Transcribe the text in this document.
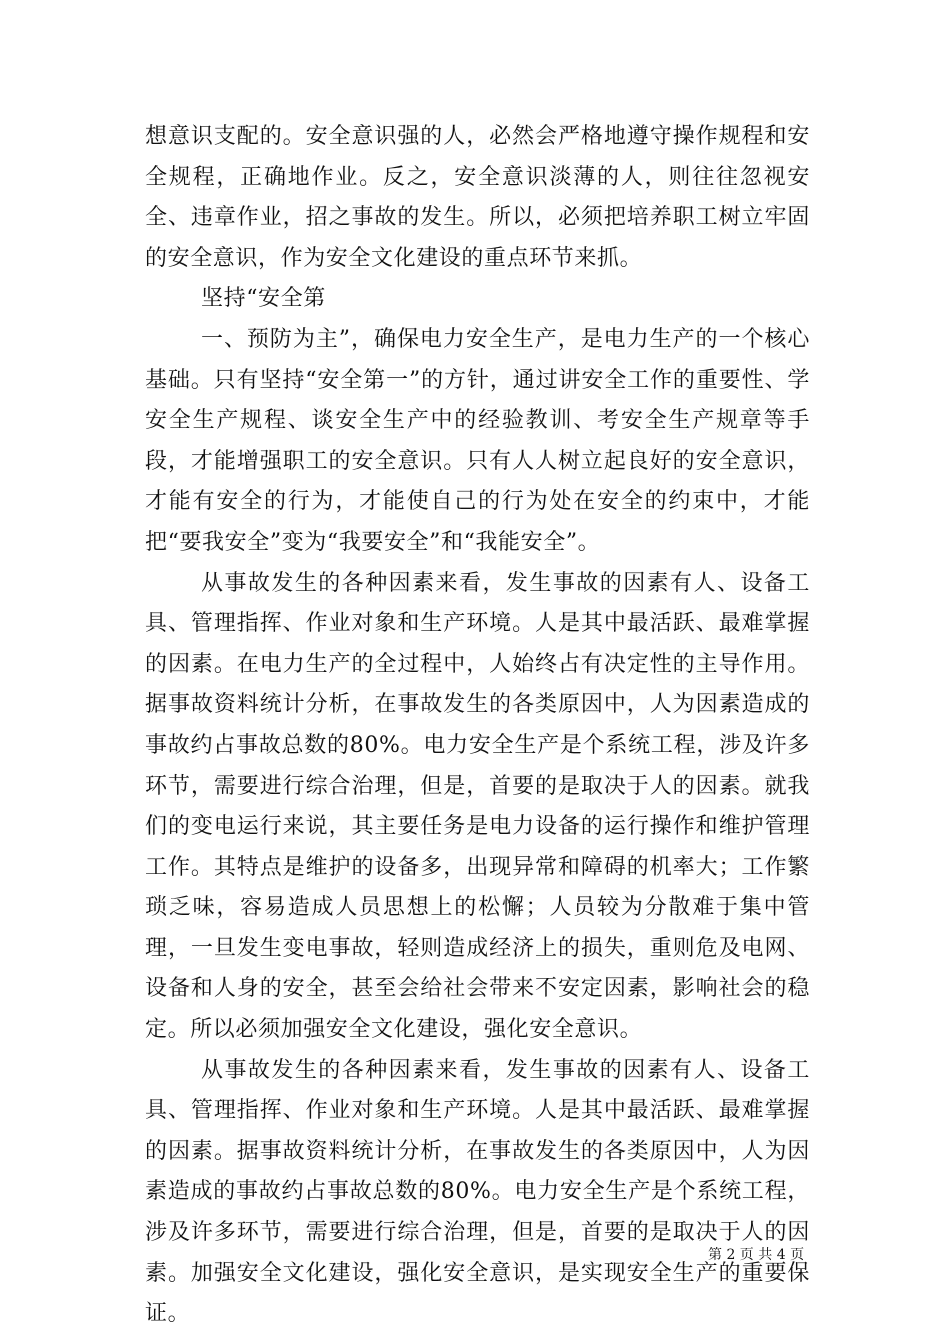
想意识支配的。安全意识强的人，必然会严格地遵守操作规程和安全规程，正确地作业。反之，安全意识淡薄的人，则往往忽视安全、违章作业，招之事故的发生。所以，必须把培养职工树立牢固的安全意识，作为安全文化建设的重点环节来抓。

坚持“安全第

一、预防为主”，确保电力安全生产，是电力生产的一个核心基础。只有坚持“安全第一”的方针，通过讲安全工作的重要性、学安全生产规程、谈安全生产中的经验教训、考安全生产规章等手段，才能增强职工的安全意识。只有人人树立起良好的安全意识，才能有安全的行为，才能使自己的行为处在安全的约束中，才能把“要我安全”变为“我要安全”和“我能安全”。

从事故发生的各种因素来看，发生事故的因素有人、设备工具、管理指挥、作业对象和生产环境。人是其中最活跃、最难掌握的因素。在电力生产的全过程中，人始终占有决定性的主导作用。据事故资料统计分析，在事故发生的各类原因中，人为因素造成的事故约占事故总数的80%。电力安全生产是个系统工程，涉及许多环节，需要进行综合治理，但是，首要的是取决于人的因素。就我们的变电运行来说，其主要任务是电力设备的运行操作和维护管理工作。其特点是维护的设备多，出现异常和障碍的机率大；工作繁琐乏味，容易造成人员思想上的松懈；人员较为分散难于集中管理，一旦发生变电事故，轻则造成经济上的损失，重则危及电网、设备和人身的安全，甚至会给社会带来不安定因素，影响社会的稳定。所以必须加强安全文化建设，强化安全意识。

从事故发生的各种因素来看，发生事故的因素有人、设备工具、管理指挥、作业对象和生产环境。人是其中最活跃、最难掌握的因素。据事故资料统计分析，在事故发生的各类原因中，人为因素造成的事故约占事故总数的80%。电力安全生产是个系统工程，涉及许多环节，需要进行综合治理，但是，首要的是取决于人的因素。加强安全文化建设，强化安全意识，是实现安全生产的重要保证。

第 2 页 共 4 页
